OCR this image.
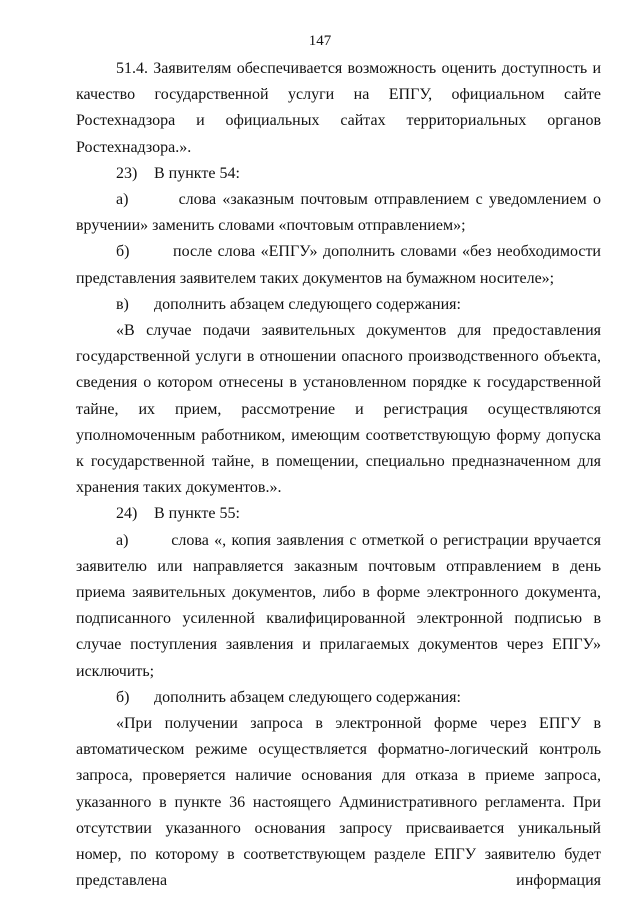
147

51.4. Заявителям обеспечивается возможность оценить доступность и качество государственной услуги на ЕПГУ, официальном сайте Ростехнадзора и официальных сайтах территориальных органов Ростехнадзора.».

23)	В пункте 54:

а)        слова «заказным почтовым отправлением с уведомлением о вручении» заменить словами «почтовым отправлением»;

б)        после слова «ЕПГУ» дополнить словами «без необходимости представления заявителем таких документов на бумажном носителе»;

в)	дополнить абзацем следующего содержания:

«В случае подачи заявительных документов для предоставления государственной услуги в отношении опасного производственного объекта, сведения о котором отнесены в установленном порядке к государственной тайне, их прием, рассмотрение и регистрация осуществляются уполномоченным работником, имеющим соответствующую форму допуска к государственной тайне, в помещении, специально предназначенном для хранения таких документов.».

24)	В пункте 55:

а)        слова «, копия заявления с отметкой о регистрации вручается заявителю или направляется заказным почтовым отправлением в день приема заявительных документов, либо в форме электронного документа, подписанного усиленной квалифицированной электронной подписью в случае поступления заявления и прилагаемых документов через ЕПГУ» исключить;

б)	дополнить абзацем следующего содержания:

«При получении запроса в электронной форме через ЕПГУ в автоматическом режиме осуществляется форматно-логический контроль запроса, проверяется наличие основания для отказа в приеме запроса, указанного в пункте 36 настоящего Административного регламента. При отсутствии указанного основания запросу присваивается уникальный номер, по которому в соответствующем разделе ЕПГУ заявителю будет представлена информация
